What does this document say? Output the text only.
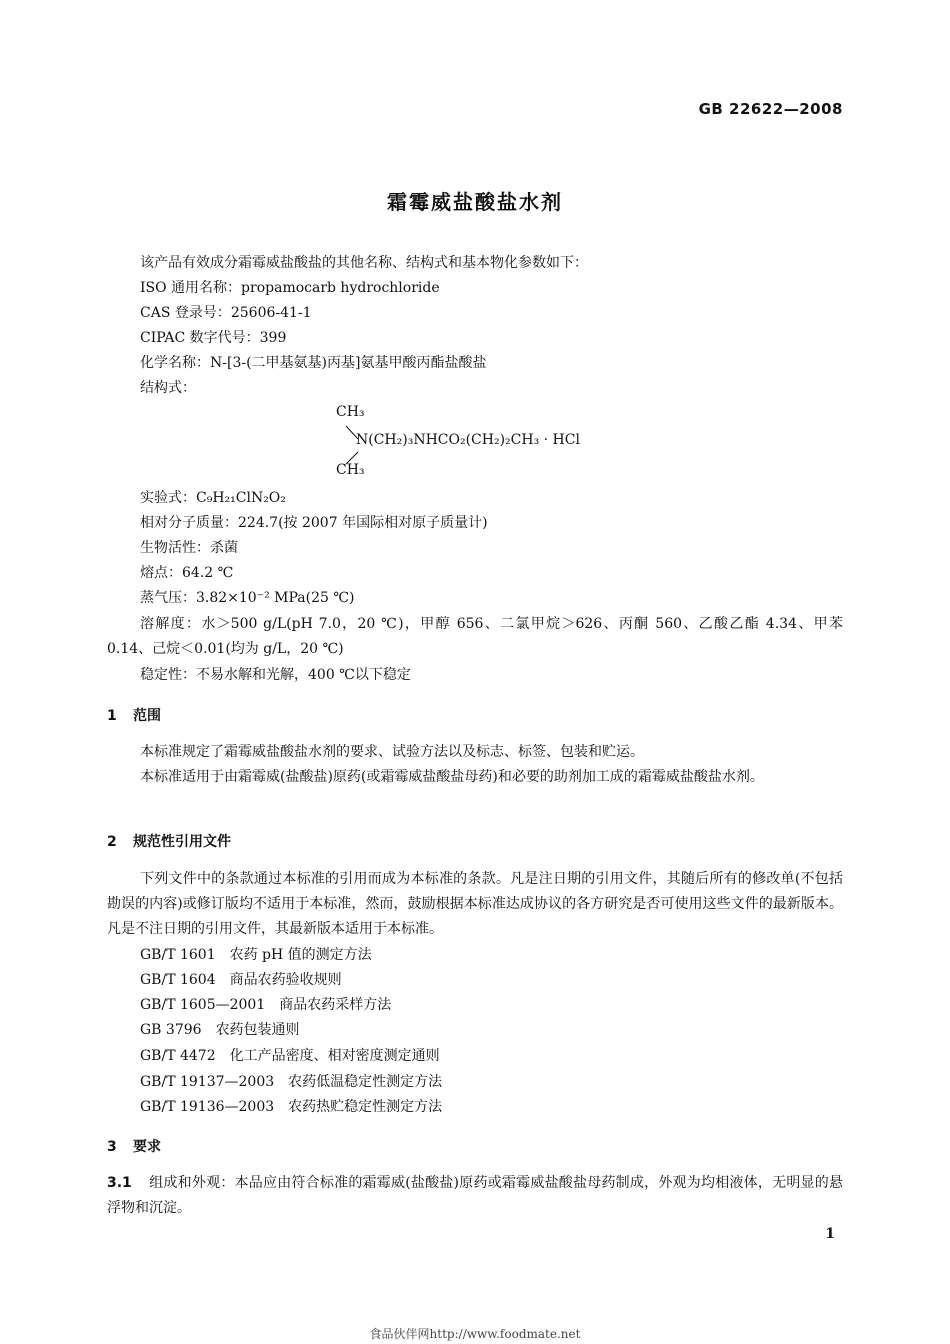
GB 22622—2008
霜霉威盐酸盐水剂
该产品有效成分霜霉威盐酸盐的其他名称、结构式和基本物化参数如下：
ISO 通用名称：propamocarb hydrochloride
CAS 登录号：25606-41-1
CIPAC 数字代号：399
化学名称：N-[3-(二甲基氨基)丙基]氨基甲酸丙酯盐酸盐
结构式：
CH₃
N(CH₂)₃NHCO₂(CH₂)₂CH₃ · HCl
CH₃
实验式：C₉H₂₁ClN₂O₂
相对分子质量：224.7(按 2007 年国际相对原子质量计)
生物活性：杀菌
熔点：64.2 ℃
蒸气压：3.82×10⁻² MPa(25 ℃)
溶解度：水＞500 g/L(pH 7.0，20 ℃)，甲醇 656、二氯甲烷＞626、丙酮 560、乙酸乙酯 4.34、甲苯 0.14、己烷＜0.01(均为 g/L，20 ℃)
稳定性：不易水解和光解，400 ℃以下稳定
1 范围
本标准规定了霜霉威盐酸盐水剂的要求、试验方法以及标志、标签、包装和贮运。
本标准适用于由霜霉威(盐酸盐)原药(或霜霉威盐酸盐母药)和必要的助剂加工成的霜霉威盐酸盐水剂。
2 规范性引用文件
下列文件中的条款通过本标准的引用而成为本标准的条款。凡是注日期的引用文件，其随后所有的修改单(不包括勘误的内容)或修订版均不适用于本标准，然而，鼓励根据本标准达成协议的各方研究是否可使用这些文件的最新版本。凡是不注日期的引用文件，其最新版本适用于本标准。
GB/T 1601 农药 pH 值的测定方法
GB/T 1604 商品农药验收规则
GB/T 1605—2001 商品农药采样方法
GB 3796 农药包装通则
GB/T 4472 化工产品密度、相对密度测定通则
GB/T 19137—2003 农药低温稳定性测定方法
GB/T 19136—2003 农药热贮稳定性测定方法
3 要求
3.1 组成和外观：本品应由符合标准的霜霉威(盐酸盐)原药或霜霉威盐酸盐母药制成，外观为均相液体，无明显的悬浮物和沉淀。
1
食品伙伴网http://www.foodmate.net
